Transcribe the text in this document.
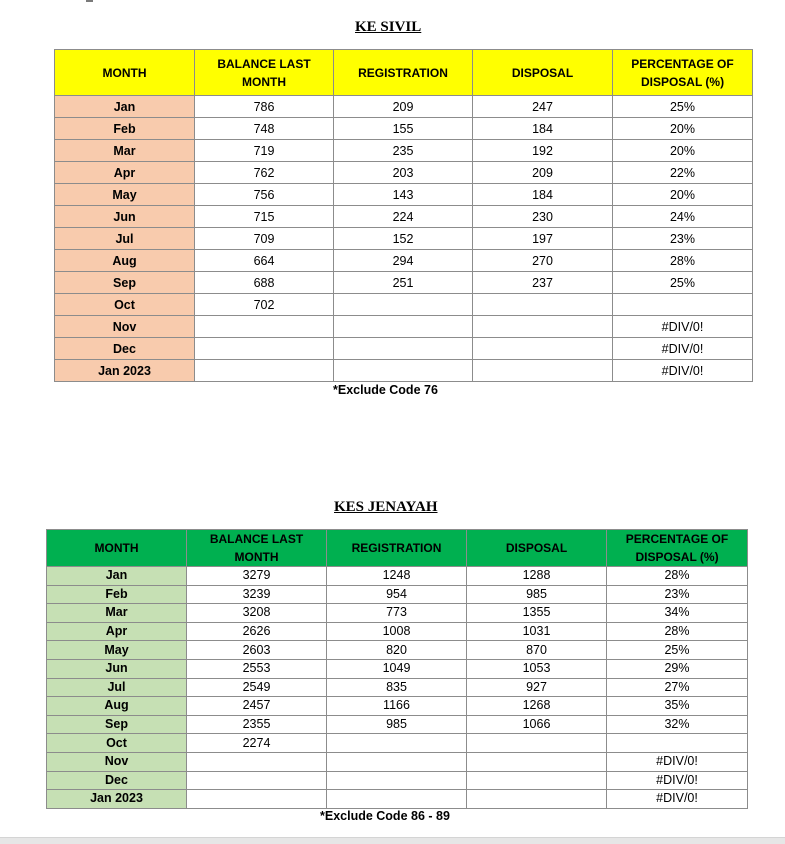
KE SIVIL
MONTH	BALANCE LAST MONTH	REGISTRATION	DISPOSAL	PERCENTAGE OF DISPOSAL (%)
Jan	786	209	247	25%
Feb	748	155	184	20%
Mar	719	235	192	20%
Apr	762	203	209	22%
May	756	143	184	20%
Jun	715	224	230	24%
Jul	709	152	197	23%
Aug	664	294	270	28%
Sep	688	251	237	25%
Oct	702			
Nov				#DIV/0!
Dec				#DIV/0!
Jan 2023				#DIV/0!
*Exclude Code 76
KES JENAYAH
MONTH	BALANCE LAST MONTH	REGISTRATION	DISPOSAL	PERCENTAGE OF DISPOSAL (%)
Jan	3279	1248	1288	28%
Feb	3239	954	985	23%
Mar	3208	773	1355	34%
Apr	2626	1008	1031	28%
May	2603	820	870	25%
Jun	2553	1049	1053	29%
Jul	2549	835	927	27%
Aug	2457	1166	1268	35%
Sep	2355	985	1066	32%
Oct	2274			
Nov				#DIV/0!
Dec				#DIV/0!
Jan 2023				#DIV/0!
*Exclude Code 86 - 89
